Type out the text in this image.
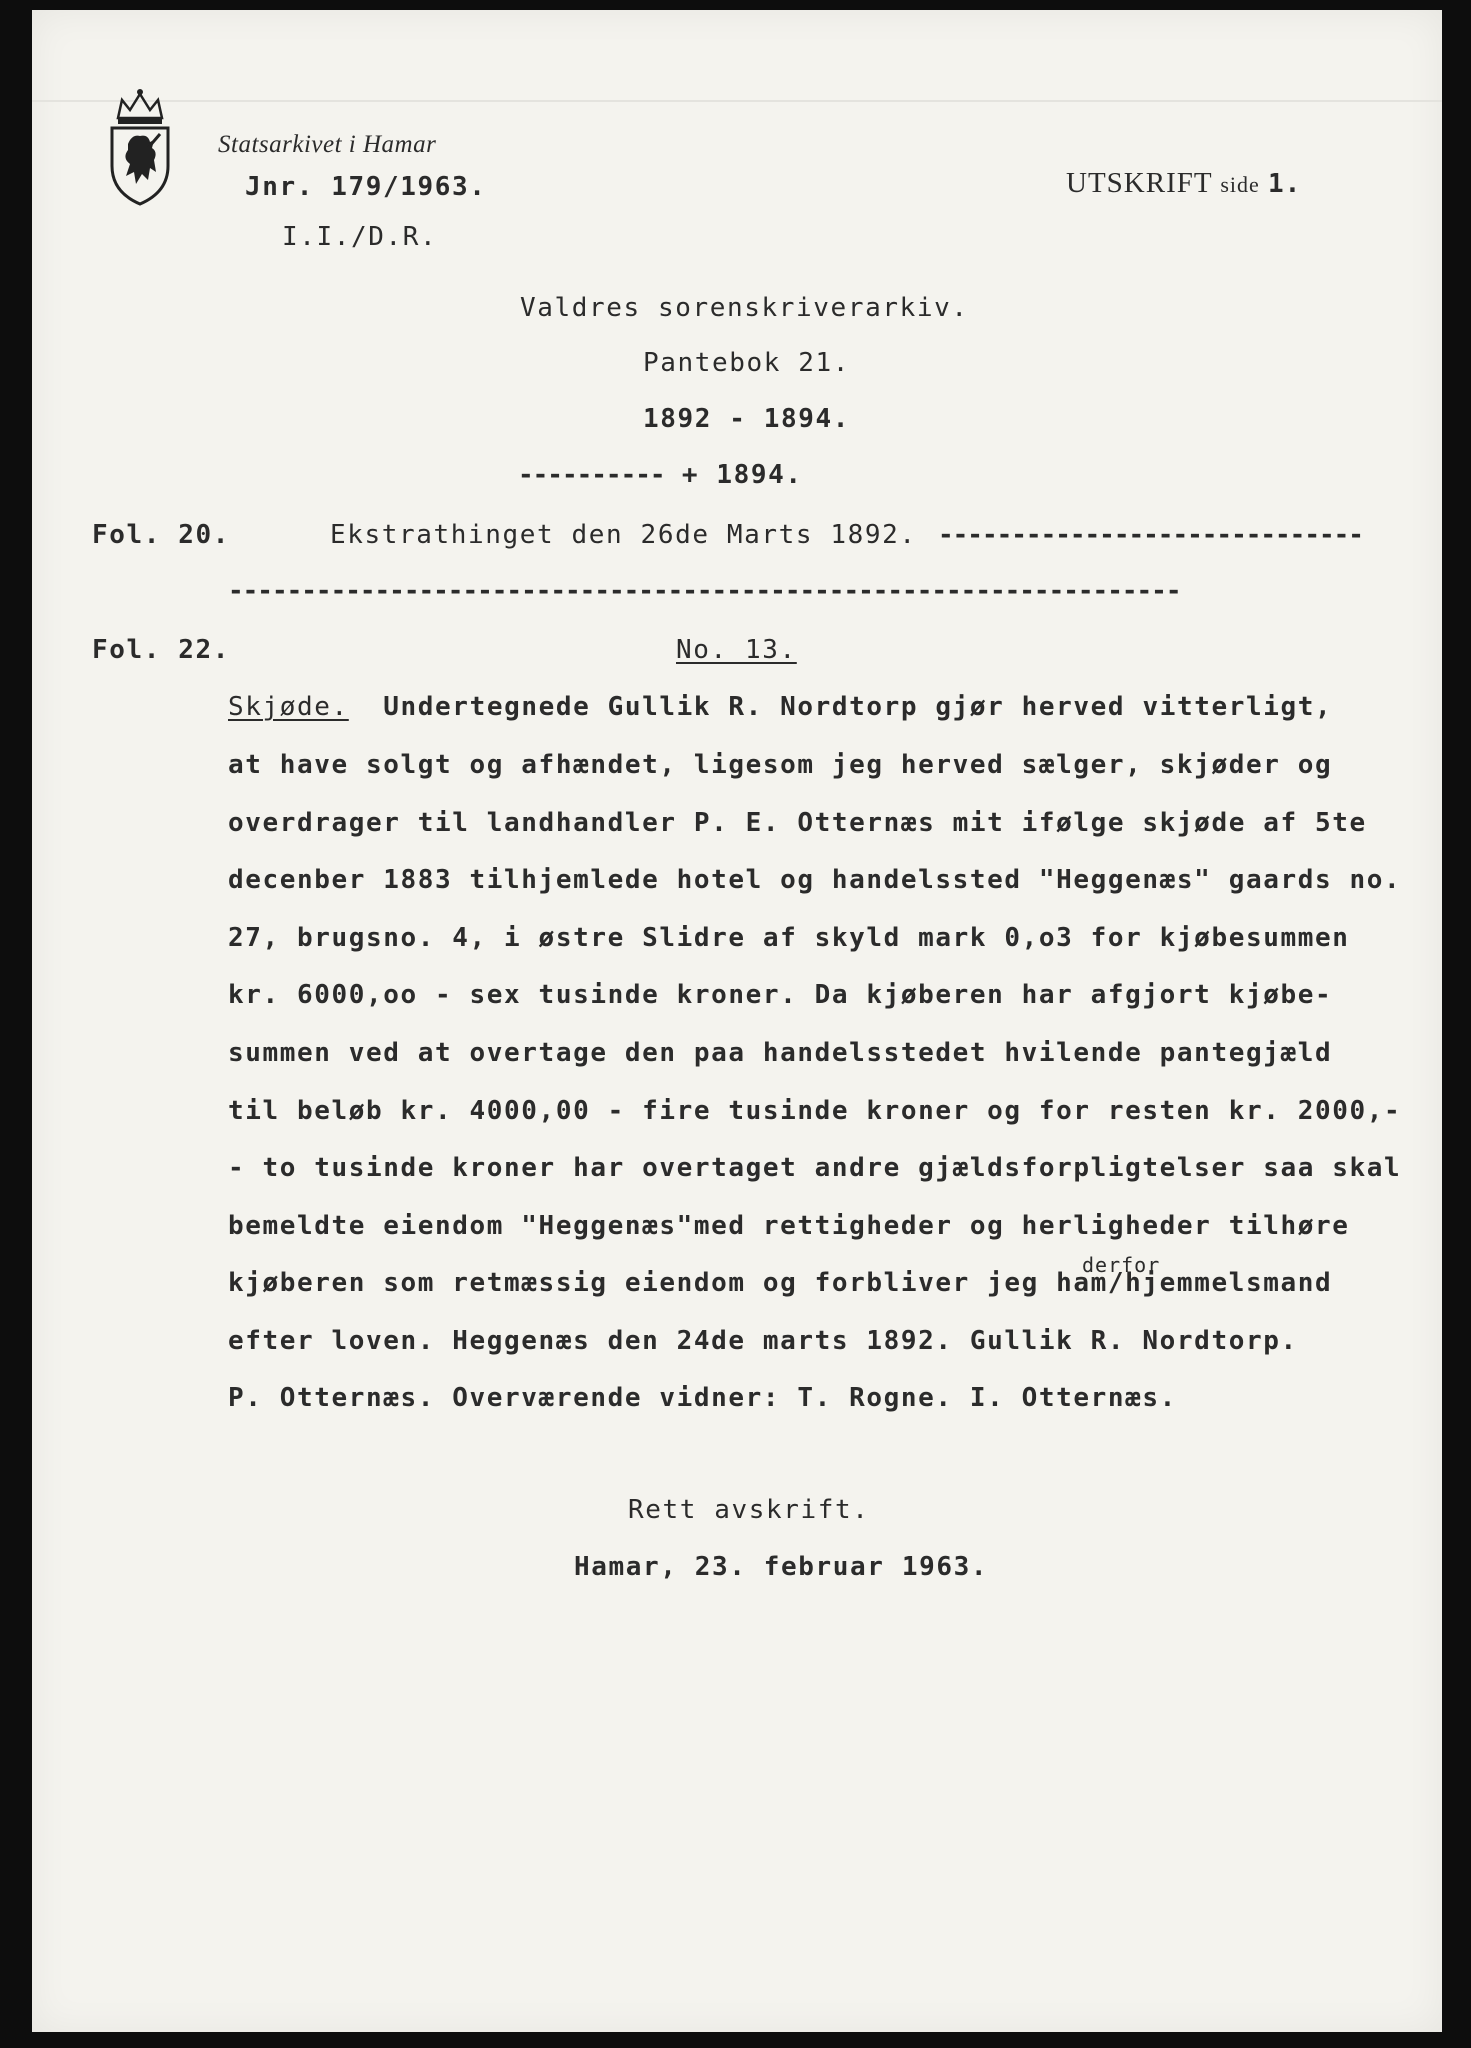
Statsarkivet i Hamar
Jnr. 179/1963.
I.I./D.R.
UTSKRIFT side 1.
Valdres sorenskriverarkiv.
Pantebok 21.
1892 - 1894.
---------- + 1894.
Fol. 20.	Ekstrathinget den 26de Marts 1892. -----------------------------
-----------------------------------------------------------------
Fol. 22.	No. 13.
Skjøde. Undertegnede Gullik R. Nordtorp gjør herved vitterligt,
at have solgt og afhændet, ligesom jeg herved sælger, skjøder og
overdrager til landhandler P. E. Otternæs mit ifølge skjøde af 5te
decenber 1883 tilhjemlede hotel og handelssted "Heggenæs" gaards no.
27, brugsno. 4, i østre Slidre af skyld mark 0,o3 for kjøbesummen
kr. 6000,oo - sex tusinde kroner. Da kjøberen har afgjort kjøbe-
summen ved at overtage den paa handelsstedet hvilende pantegjæld
til beløb kr. 4000,00 - fire tusinde kroner og for resten kr. 2000,-
- to tusinde kroner har overtaget andre gjældsforpligtelser saa skal
bemeldte eiendom "Heggenæs"med rettigheder og herligheder tilhøre
derfor
kjøberen som retmæssig eiendom og forbliver jeg ham/hjemmelsmand
efter loven. Heggenæs den 24de marts 1892. Gullik R. Nordtorp.
P. Otternæs. Overværende vidner: T. Rogne. I. Otternæs.
Rett avskrift.
Hamar, 23. februar 1963.
